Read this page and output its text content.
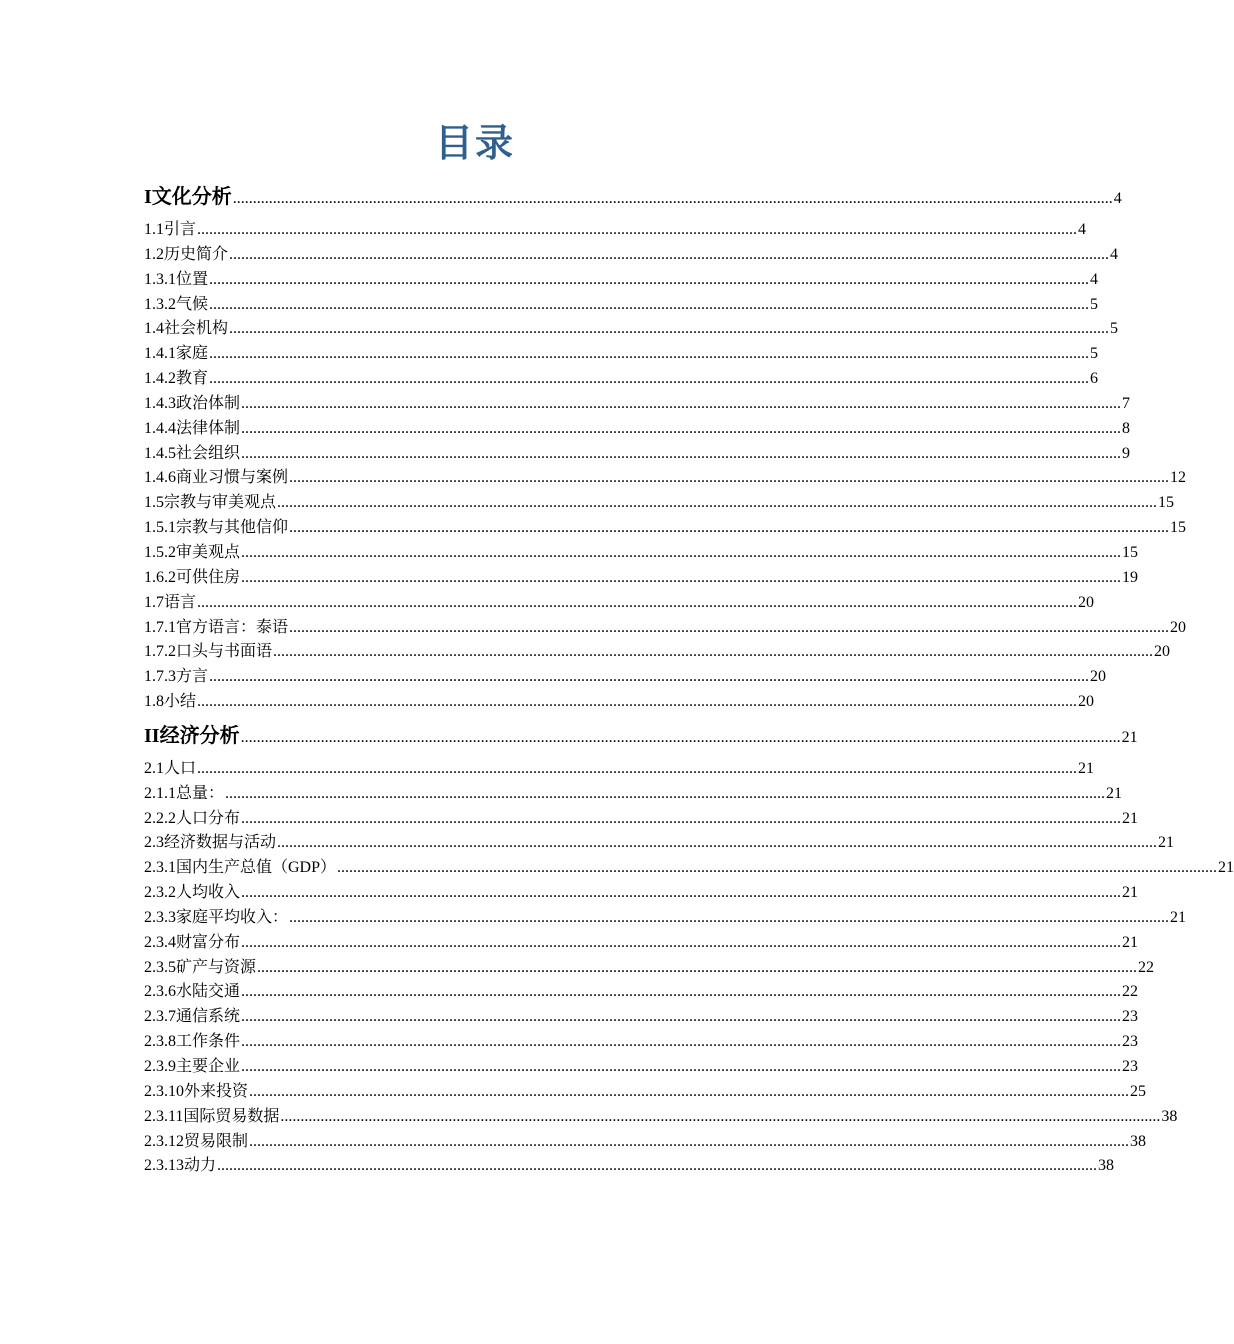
目录
I 文化分析 ............................................................................................................................................................................................................................ 4
1.1 引言 ............................................................................................................................................................................................................................ 4
1.2 历史简介 ............................................................................................................................................................................................................................ 4
1.3.1 位置 ............................................................................................................................................................................................................................ 4
1.3.2 气候 ............................................................................................................................................................................................................................ 5
1.4 社会机构 ............................................................................................................................................................................................................................ 5
1.4.1 家庭 ............................................................................................................................................................................................................................ 5
1.4.2 教育 ............................................................................................................................................................................................................................ 6
1.4.3 政治体制 ............................................................................................................................................................................................................................ 7
1.4.4 法律体制 ............................................................................................................................................................................................................................ 8
1.4.5 社会组织 ............................................................................................................................................................................................................................ 9
1.4.6 商业习惯与案例 ............................................................................................................................................................................................................................ 12
1.5 宗教与审美观点 ............................................................................................................................................................................................................................ 15
1.5.1 宗教与其他信仰 ............................................................................................................................................................................................................................ 15
1.5.2 审美观点 ............................................................................................................................................................................................................................ 15
1.6.2 可供住房 ............................................................................................................................................................................................................................ 19
1.7 语言 ............................................................................................................................................................................................................................ 20
1.7.1 官方语言：泰语 ............................................................................................................................................................................................................................ 20
1.7.2 口头与书面语 ............................................................................................................................................................................................................................ 20
1.7.3 方言 ............................................................................................................................................................................................................................ 20
1.8 小结 ............................................................................................................................................................................................................................ 20
II 经济分析 ............................................................................................................................................................................................................................ 21
2.1 人口 ............................................................................................................................................................................................................................ 21
2.1.1 总量： ............................................................................................................................................................................................................................ 21
2.2.2 人口分布 ............................................................................................................................................................................................................................ 21
2.3 经济数据与活动 ............................................................................................................................................................................................................................ 21
2.3.1 国内生产总值（GDP） ............................................................................................................................................................................................................................ 21
2.3.2 人均收入 ............................................................................................................................................................................................................................ 21
2.3.3 家庭平均收入： ............................................................................................................................................................................................................................ 21
2.3.4 财富分布 ............................................................................................................................................................................................................................ 21
2.3.5 矿产与资源 ............................................................................................................................................................................................................................ 22
2.3.6 水陆交通 ............................................................................................................................................................................................................................ 22
2.3.7 通信系统 ............................................................................................................................................................................................................................ 23
2.3.8 工作条件 ............................................................................................................................................................................................................................ 23
2.3.9 主要企业 ............................................................................................................................................................................................................................ 23
2.3.10 外来投资 ............................................................................................................................................................................................................................ 25
2.3.11 国际贸易数据 ............................................................................................................................................................................................................................ 38
2.3.12 贸易限制 ............................................................................................................................................................................................................................ 38
2.3.13 动力 ............................................................................................................................................................................................................................ 38
